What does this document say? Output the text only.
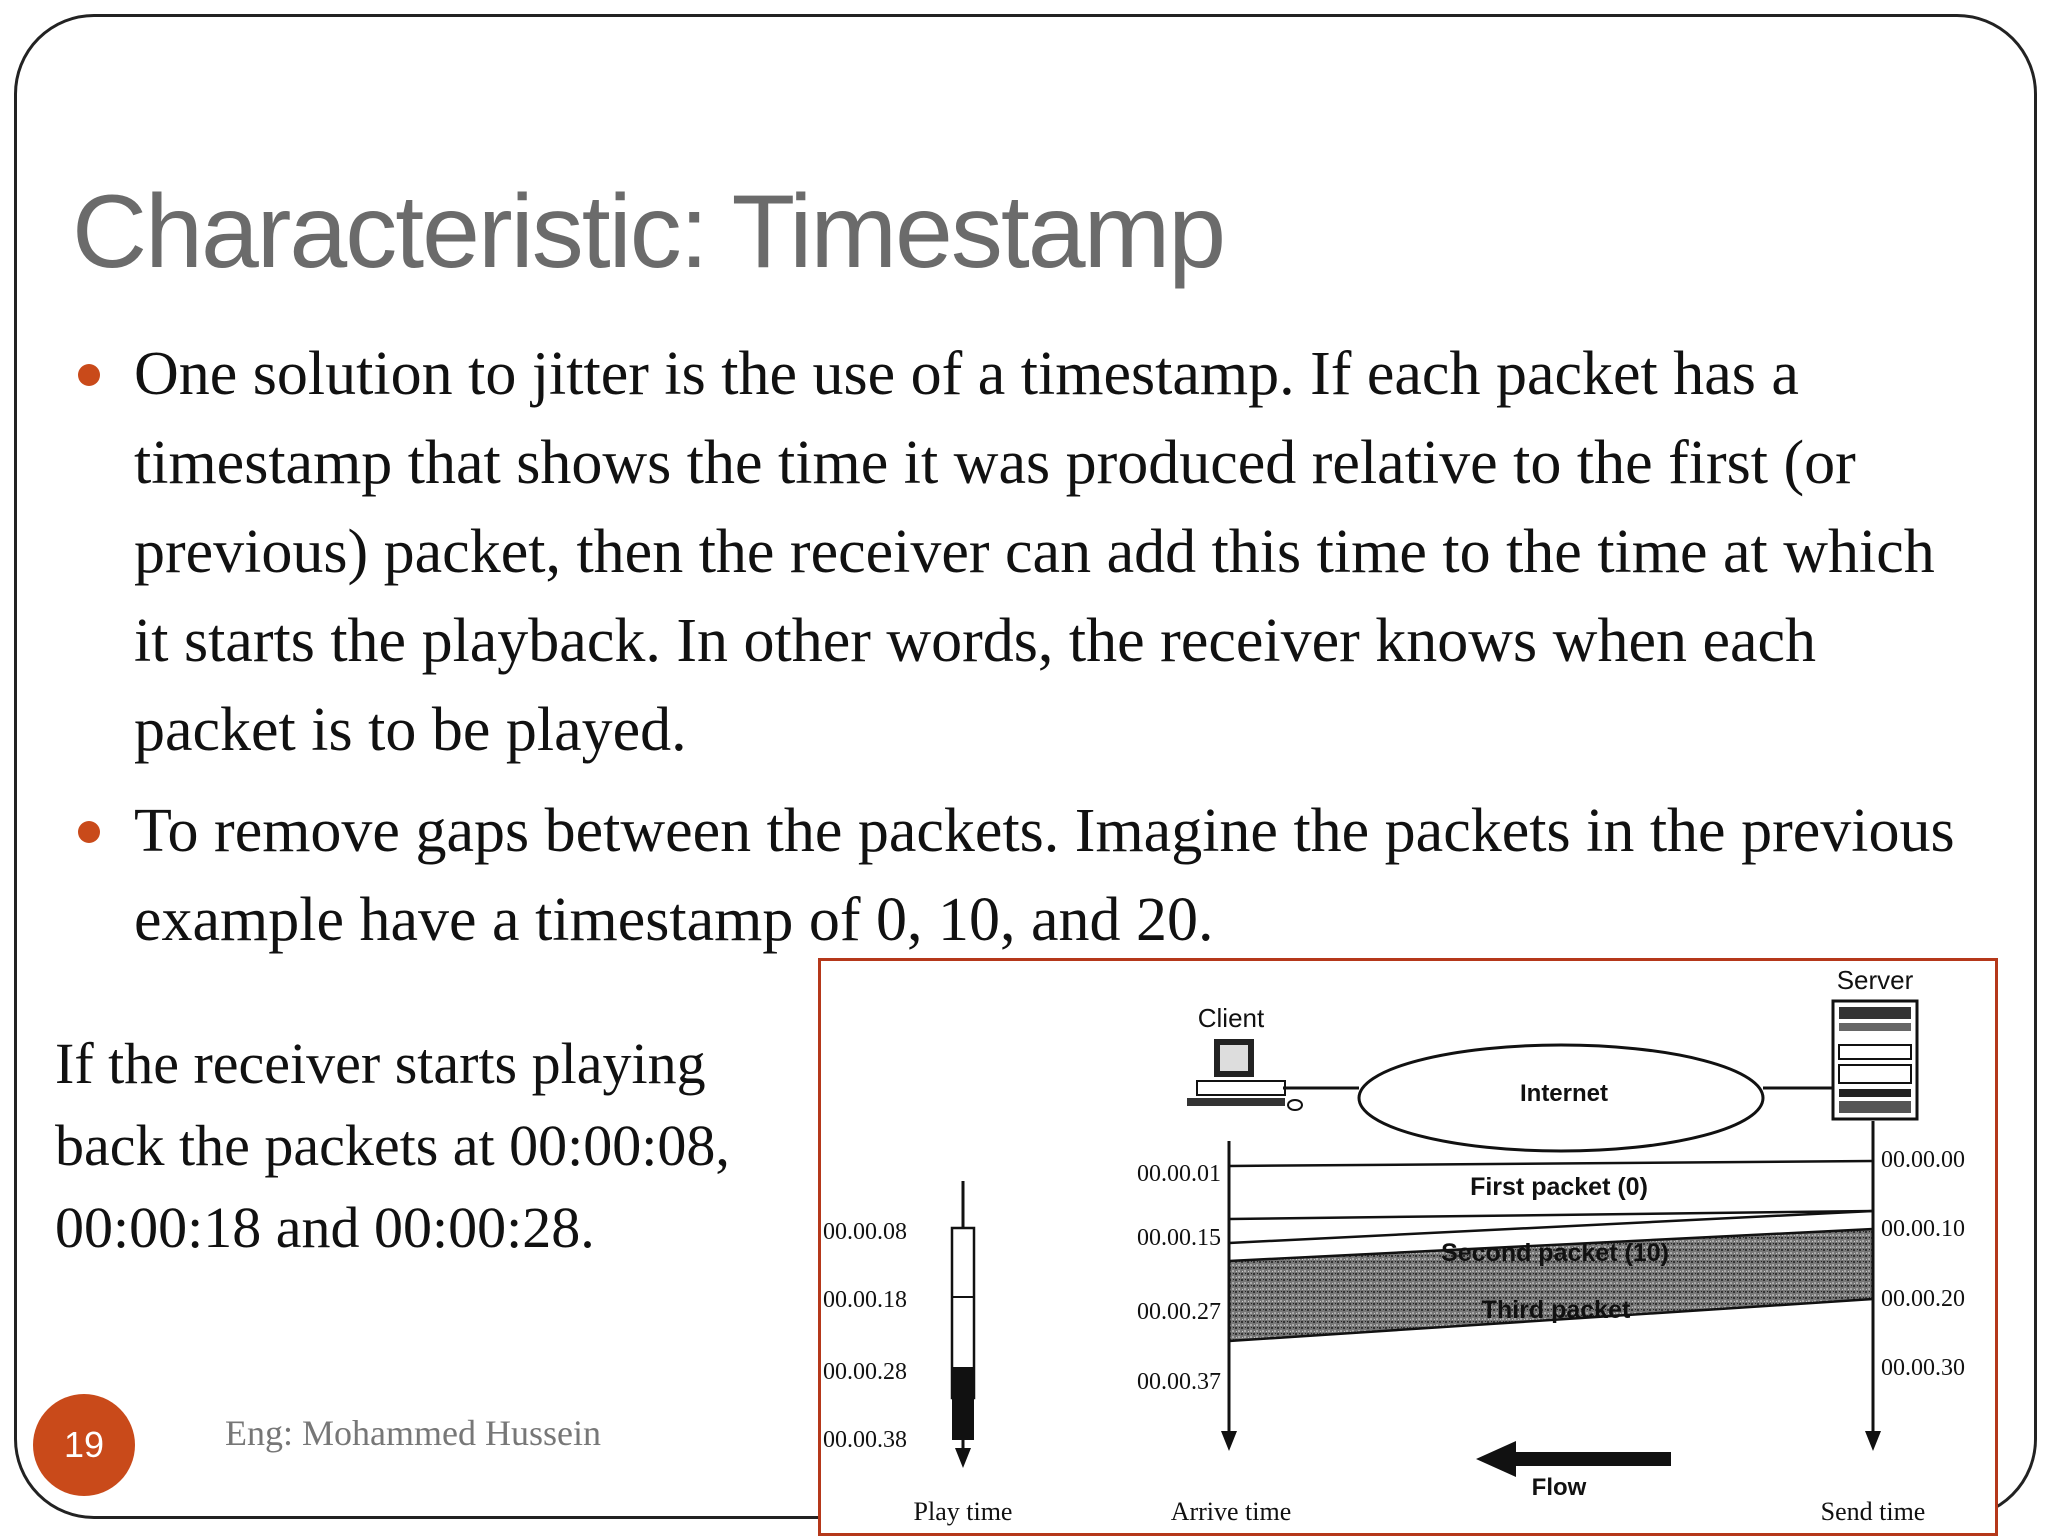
Characteristic: Timestamp
One solution to jitter is the use of a timestamp. If each packet has a timestamp that shows the time it was produced relative to the first (or previous) packet, then the receiver can add this time to the time at which it starts the playback. In other words, the receiver knows when each packet is to be played.
To remove gaps between the packets. Imagine the packets in the previous example have a timestamp of 0, 10, and 20.
If the receiver starts playing back the packets at 00:00:08, 00:00:18 and 00:00:28.
19	Eng: Mohammed Hussein
Client
Server
Internet
First packet (0)
Second packet (10)
Third packet
00.00.01
00.00.15
00.00.27
00.00.37
00.00.00
00.00.10
00.00.20
00.00.30
00.00.08
00.00.18
00.00.28
00.00.38
Flow
Play time	Arrive time	Send time
